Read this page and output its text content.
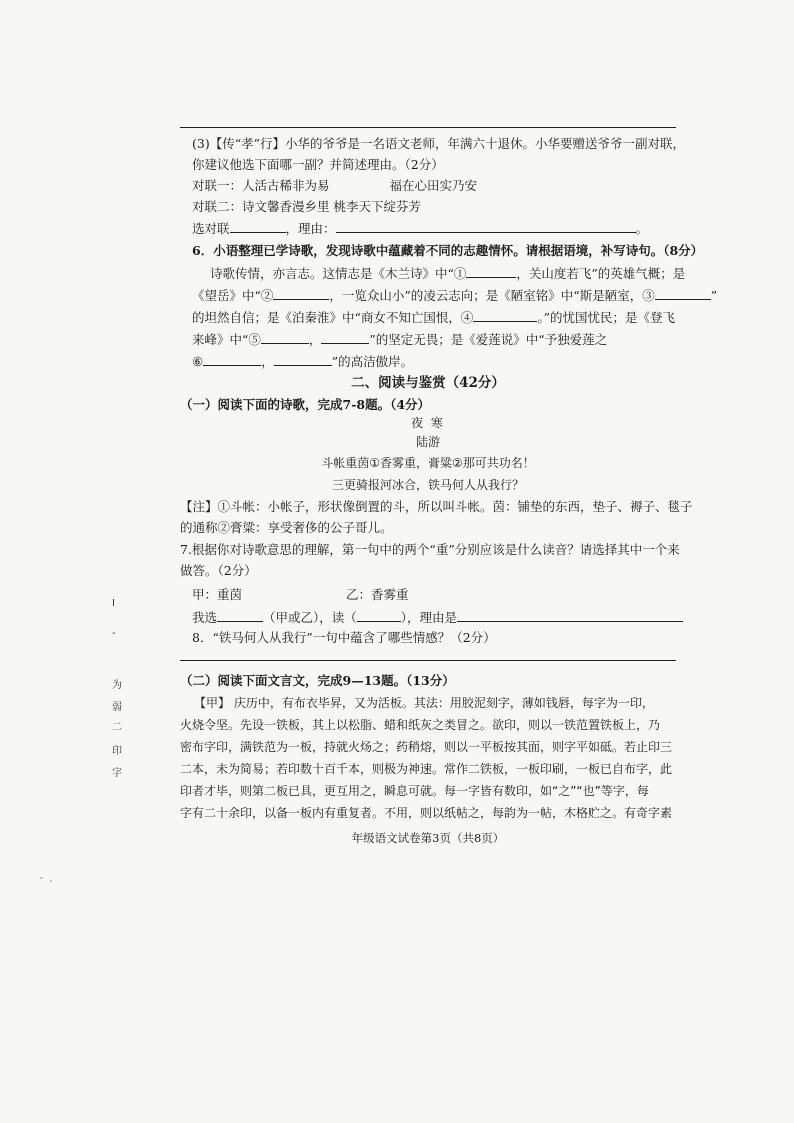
(3)【传“孝”行】小华的爷爷是一名语文老师，年满六十退休。小华要赠送爷爷一副对联，
你建议他选下面哪一副？并简述理由。（2分）
对联一：人活古稀非为易	福在心田实乃安
对联二：诗文馨香漫乡里 桃李天下绽芬芳
选对联	，理由：	。
6．小语整理已学诗歌，发现诗歌中蕴藏着不同的志趣情怀。请根据语境，补写诗句。（8分）
诗歌传情，亦言志。这情志是《木兰诗》中“①	，关山度若飞”的英雄气概；是
《望岳》中“②	，一览众山小”的凌云志向；是《陋室铭》中“斯是陋室，③	”
的坦然自信；是《泊秦淮》中“商女不知亡国恨，④	。”的忧国忧民；是《登飞
来峰》中“⑤	，	”的坚定无畏；是《爱莲说》中“予独爱莲之
⑥	，	”的高洁傲岸。
二、阅读与鉴赏（42分）
（一）阅读下面的诗歌，完成7-8题。（4分）
夜 寒
陆游
斗帐重茵①香雾重，膏粱②那可共功名！
三更骑报河冰合，铁马何人从我行？
【注】①斗帐：小帐子，形状像倒置的斗，所以叫斗帐。茵：铺垫的东西，垫子、褥子、毯子
的通称②膏粱：享受奢侈的公子哥儿。
7.根据你对诗歌意思的理解，第一句中的两个“重”分别应该是什么读音？请选择其中一个来
做答。（2分）
甲：重茵	乙：香雾重
我选	（甲或乙），读（	），理由是
8．“铁马何人从我行”一句中蕴含了哪些情感？（2分）
（二）阅读下面文言文，完成9—13题。（13分）
【甲】 庆历中，有布衣毕昇，又为活板。其法：用胶泥刻字，薄如钱唇，每字为一印，
火烧令坚。先设一铁板，其上以松脂、蜡和纸灰之类冒之。欲印，则以一铁范置铁板上，乃
密布字印，满铁范为一板，持就火炀之；药稍熔，则以一平板按其面，则字平如砥。若止印三
二本，未为简易；若印数十百千本，则极为神速。常作二铁板，一板印刷，一板已自布字，此
印者才毕，则第二板已具，更互用之，瞬息可就。每一字皆有数印，如“之”“也”等字，每
字有二十余印，以备一板内有重复者。不用，则以纸帖之，每韵为一帖，木格贮之。有奇字素
年级语文试卷第3页（共8页）
I
-
为
弱
二
印
字
